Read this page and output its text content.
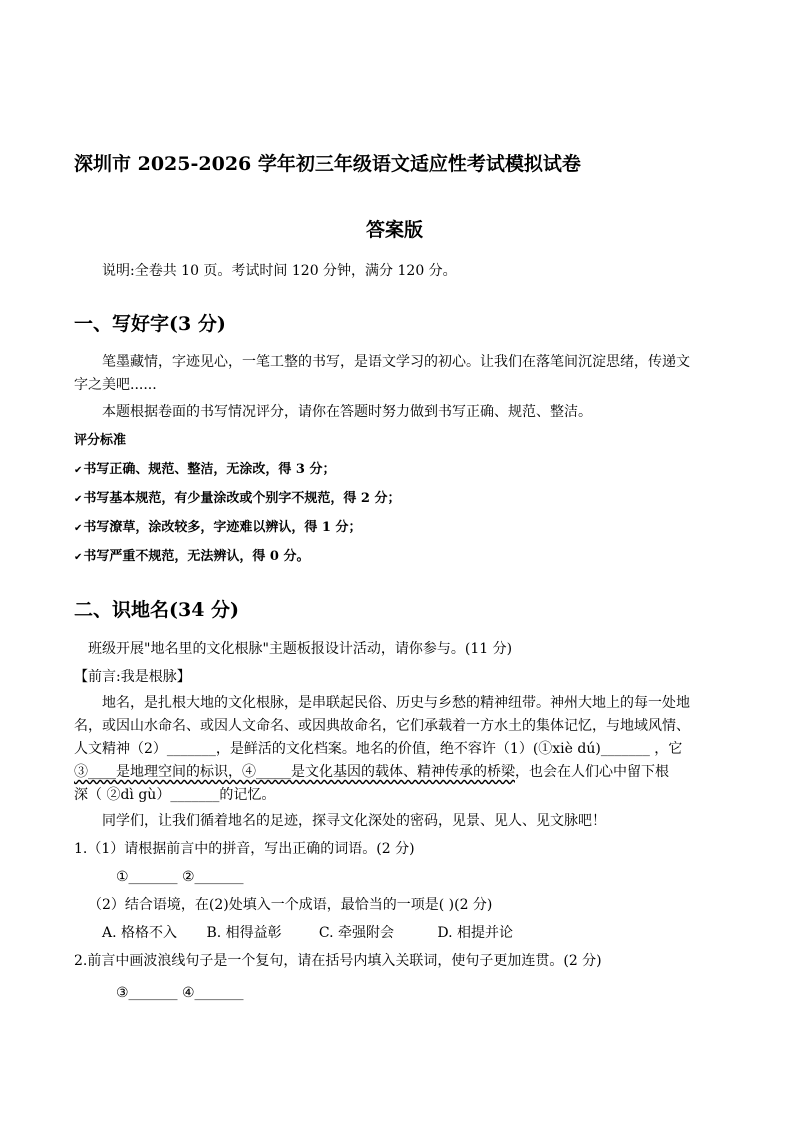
深圳市 2025-2026 学年初三年级语文适应性考试模拟试卷
答案版
说明:全卷共 10 页。考试时间 120 分钟，满分 120 分。
一、写好字(3 分)
笔墨藏情，字迹见心，一笔工整的书写，是语文学习的初心。让我们在落笔间沉淀思绪，传递文
字之美吧......
本题根据卷面的书写情况评分，请你在答题时努力做到书写正确、规范、整洁。
评分标准
✔书写正确、规范、整洁，无涂改，得 3 分；
✔书写基本规范，有少量涂改或个别字不规范，得 2 分；
✔书写潦草，涂改较多，字迹难以辨认，得 1 分；
✔书写严重不规范，无法辨认，得 0 分。
二、识地名(34 分)
班级开展"地名里的文化根脉"主题板报设计活动，请你参与。(11 分)
【前言:我是根脉】
地名，是扎根大地的文化根脉，是串联起民俗、历史与乡愁的精神纽带。神州大地上的每一处地
名，或因山水命名、或因人文命名、或因典故命名，它们承载着一方水土的集体记忆，与地域风情、
人文精神（2）_______，是鲜活的文化档案。地名的价值，绝不容许（1）(①xiè dú)_______ ，它
③____是地理空间的标识，④_____是文化基因的载体、精神传承的桥梁，也会在人们心中留下根
深（ ②dì gù）_______的记忆。
同学们，让我们循着地名的足迹，探寻文化深处的密码，见景、见人、见文脉吧！
1.（1）请根据前言中的拼音，写出正确的词语。(2 分)
①_______ ②_______
（2）结合语境，在(2)处填入一个成语，最恰当的一项是( )(2 分)
A. 格格不入 B. 相得益彰	C. 牵强附会	D. 相提并论
2.前言中画波浪线句子是一个复句，请在括号内填入关联词，使句子更加连贯。(2 分)
③_______ ④_______
